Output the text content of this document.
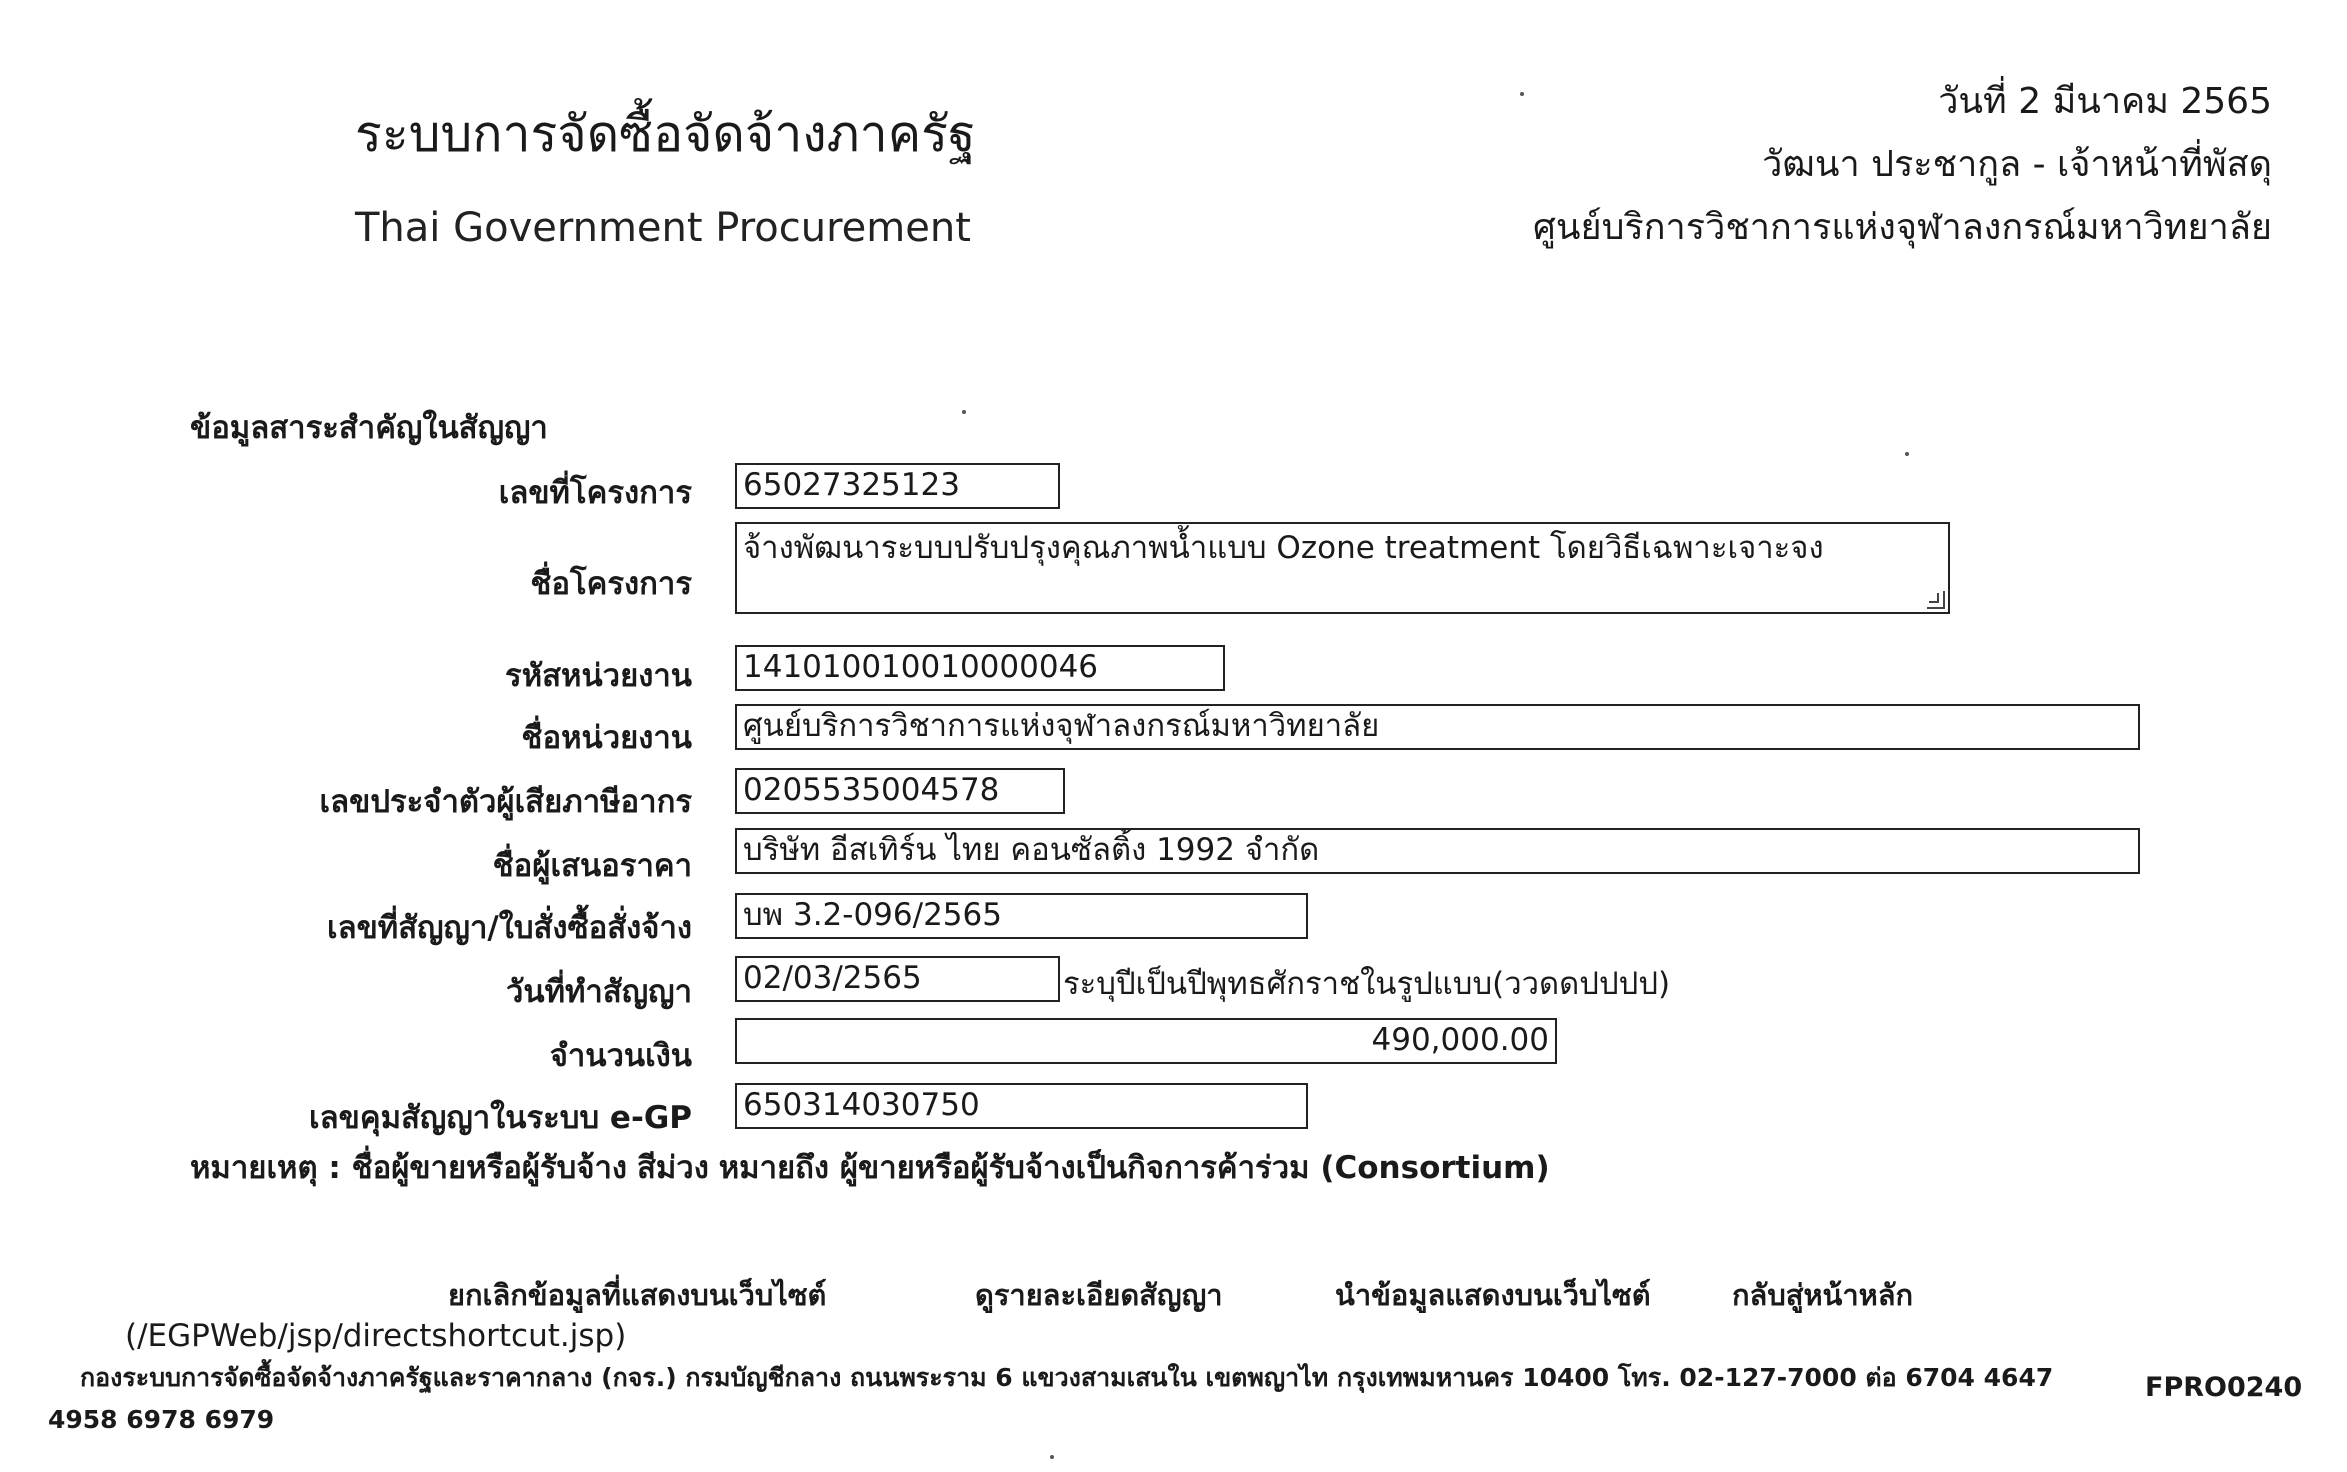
ระบบการจัดซื้อจัดจ้างภาครัฐ
Thai Government Procurement
วันที่ 2 มีนาคม 2565
วัฒนา ประชากูล - เจ้าหน้าที่พัสดุ
ศูนย์บริการวิชาการแห่งจุฬาลงกรณ์มหาวิทยาลัย
ข้อมูลสาระสำคัญในสัญญา
เลขที่โครงการ 65027325123
ชื่อโครงการ
จ้างพัฒนาระบบปรับปรุงคุณภาพน้ำแบบ Ozone treatment โดยวิธีเฉพาะเจาะจง
รหัสหน่วยงาน 141010010010000046
ชื่อหน่วยงาน ศูนย์บริการวิชาการแห่งจุฬาลงกรณ์มหาวิทยาลัย
เลขประจำตัวผู้เสียภาษีอากร 0205535004578
ชื่อผู้เสนอราคา บริษัท อีสเทิร์น ไทย คอนซัลติ้ง 1992 จำกัด
เลขที่สัญญา/ใบสั่งซื้อสั่งจ้าง บพ 3.2-096/2565
วันที่ทำสัญญา 02/03/2565	ระบุปีเป็นปีพุทธศักราชในรูปแบบ(ววดดปปปป)
จำนวนเงิน	490,000.00
เลขคุมสัญญาในระบบ e-GP 650314030750
หมายเหตุ : ชื่อผู้ขายหรือผู้รับจ้าง สีม่วง หมายถึง ผู้ขายหรือผู้รับจ้างเป็นกิจการค้าร่วม (Consortium)
ยกเลิกข้อมูลที่แสดงบนเว็บไซต์	ดูรายละเอียดสัญญา	นำข้อมูลแสดงบนเว็บไซต์	กลับสู่หน้าหลัก
(/EGPWeb/jsp/directshortcut.jsp)
กองระบบการจัดซื้อจัดจ้างภาครัฐและราคากลาง (กจร.) กรมบัญชีกลาง ถนนพระราม 6 แขวงสามเสนใน เขตพญาไท กรุงเทพมหานคร 10400 โทร. 02-127-7000 ต่อ 6704 4647
4958 6978 6979
FPRO0240
